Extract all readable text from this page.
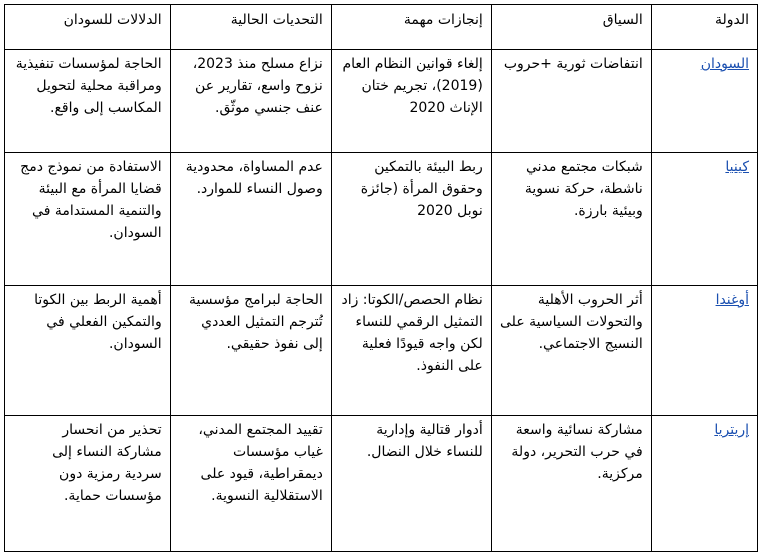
الدولة	السياق	إنجازات مهمة	التحديات الحالية	الدلالات للسودان
السودان	انتفاضات ثورية +حروب	إلغاء قوانين النظام العام (2019)، تجريم ختان الإناث 2020	نزاع مسلح منذ 2023، نزوح واسع، تقارير عن عنف جنسي موثّق.	الحاجة لمؤسسات تنفيذية ومراقبة محلية لتحويل المكاسب إلى واقع.
كينيا	شبكات مجتمع مدني ناشطة، حركة نسوية وبيئية بارزة.	ربط البيئة بالتمكين وحقوق المرأة (جائزة نوبل 2020	عدم المساواة، محدودية وصول النساء للموارد.	الاستفادة من نموذج دمج قضايا المرأة مع البيئة والتنمية المستدامة في السودان.
أوغندا	أثر الحروب الأهلية والتحولات السياسية على النسيج الاجتماعي.	نظام الحصص/الكوتا: زاد التمثيل الرقمي للنساء لكن واجه قيودًا فعلية على النفوذ.	الحاجة لبرامج مؤسسية تُترجم التمثيل العددي إلى نفوذ حقيقي.	أهمية الربط بين الكوتا والتمكين الفعلي في السودان.
إريتريا	مشاركة نسائية واسعة في حرب التحرير، دولة مركزية.	أدوار قتالية وإدارية للنساء خلال النضال.	تقييد المجتمع المدني، غياب مؤسسات ديمقراطية، قيود على الاستقلالية النسوية.	تحذير من انحسار مشاركة النساء إلى سردية رمزية دون مؤسسات حماية.
